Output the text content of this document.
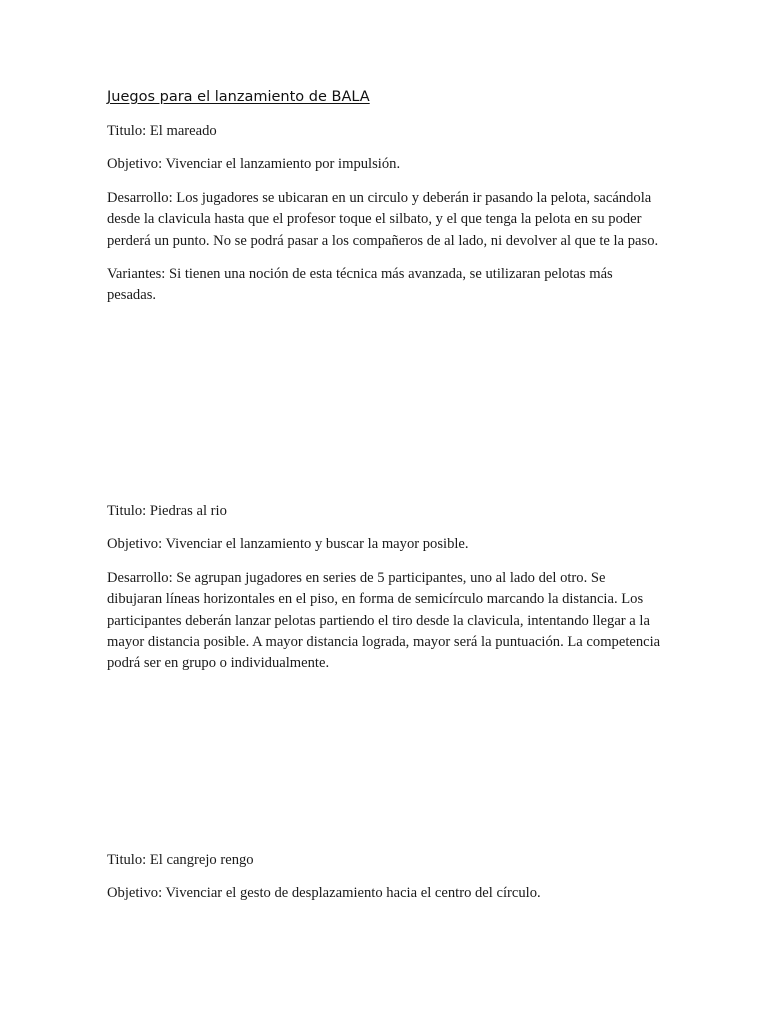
Juegos para el lanzamiento de BALA

Titulo: El mareado

Objetivo: Vivenciar el lanzamiento por impulsión.

Desarrollo: Los jugadores se ubicaran en un circulo y deberán ir pasando la pelota, sacándola desde la clavicula hasta que el profesor toque el silbato, y el que tenga la pelota en su poder perderá un punto. No se podrá pasar a los compañeros de al lado, ni devolver al que te la paso.

Variantes: Si tienen una noción de esta técnica más avanzada, se utilizaran pelotas más pesadas.

Titulo: Piedras al rio

Objetivo: Vivenciar el lanzamiento y buscar la mayor posible.

Desarrollo: Se agrupan jugadores en series de 5 participantes, uno al lado del otro. Se dibujaran líneas horizontales en el piso, en forma de semicírculo marcando la distancia. Los participantes deberán lanzar pelotas partiendo el tiro desde la clavicula, intentando llegar a la mayor distancia posible. A mayor distancia lograda, mayor será la puntuación. La competencia podrá ser en grupo o individualmente.

Titulo: El cangrejo rengo

Objetivo: Vivenciar el gesto de desplazamiento hacia el centro del círculo.
